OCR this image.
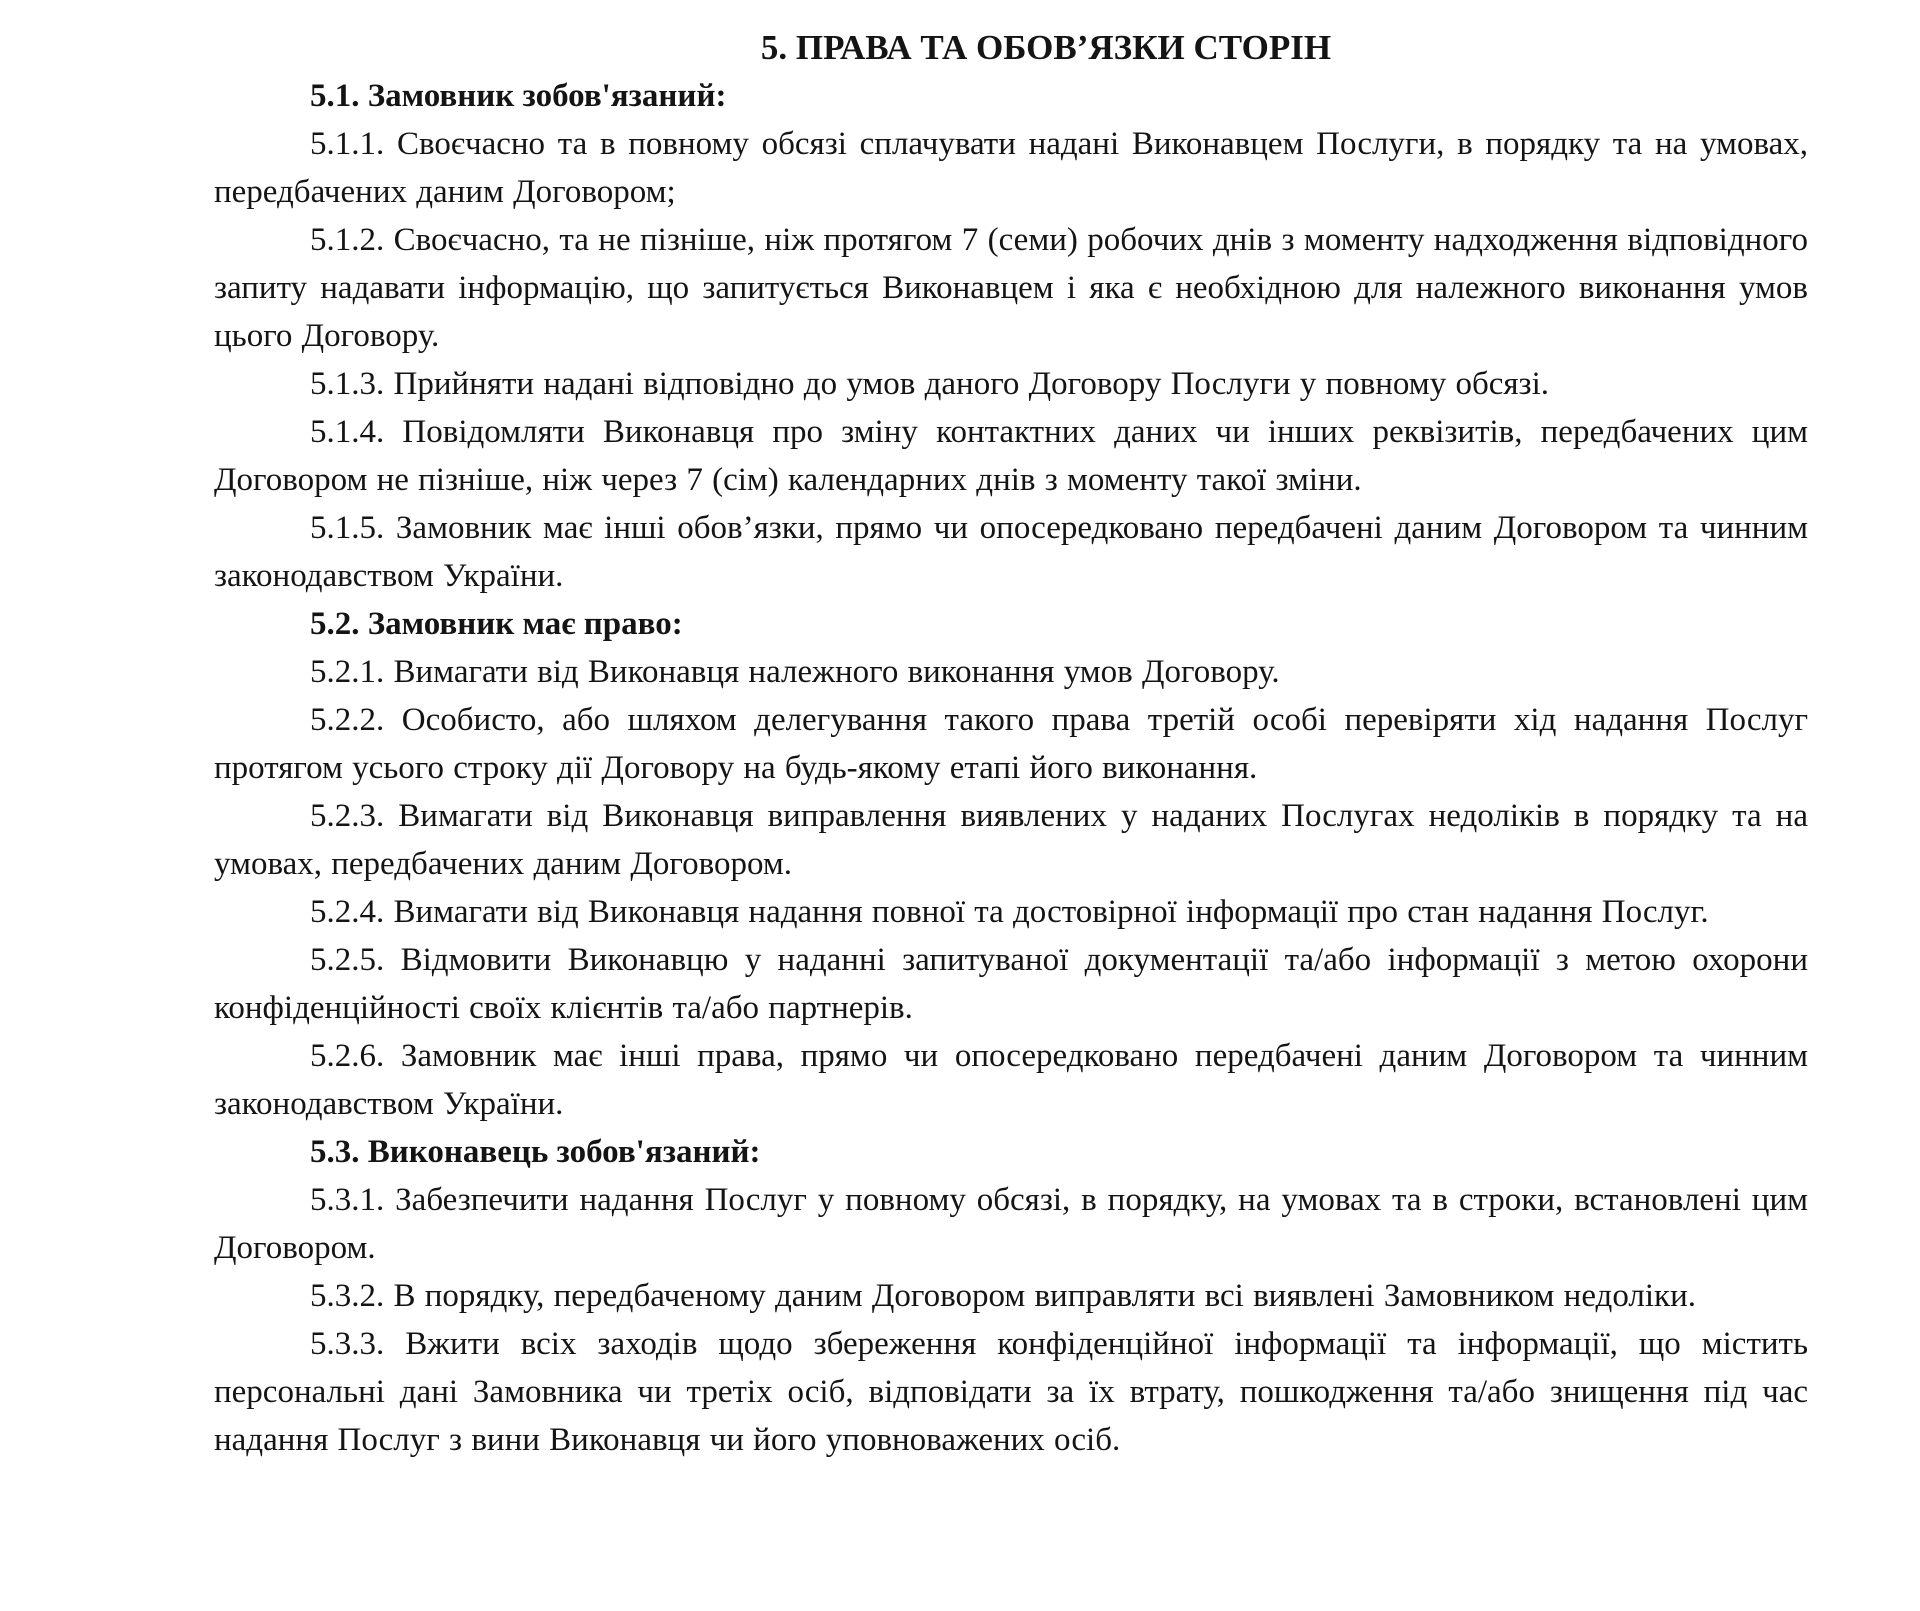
5. ПРАВА ТА ОБОВ’ЯЗКИ СТОРІН

5.1. Замовник зобов'язаний:

5.1.1. Своєчасно та в повному обсязі сплачувати надані Виконавцем Послуги, в порядку та на умовах, передбачених даним Договором;

5.1.2. Своєчасно, та не пізніше, ніж протягом 7 (семи) робочих днів з моменту надходження відповідного запиту надавати інформацію, що запитується Виконавцем і яка є необхідною для належного виконання умов цього Договору.

5.1.3. Прийняти надані відповідно до умов даного Договору Послуги у повному обсязі.

5.1.4. Повідомляти Виконавця про зміну контактних даних чи інших реквізитів, передбачених цим Договором не пізніше, ніж через 7 (сім) календарних днів з моменту такої зміни.

5.1.5. Замовник має інші обов’язки, прямо чи опосередковано передбачені даним Договором та чинним законодавством України.

5.2. Замовник має право:

5.2.1. Вимагати від Виконавця належного виконання умов Договору.

5.2.2. Особисто, або шляхом делегування такого права третій особі перевіряти хід надання Послуг протягом усього строку дії Договору на будь-якому етапі його виконання.

5.2.3. Вимагати від Виконавця виправлення виявлених у наданих Послугах недоліків в порядку та на умовах, передбачених даним Договором.

5.2.4. Вимагати від Виконавця надання повної та достовірної інформації про стан надання Послуг.

5.2.5. Відмовити Виконавцю у наданні запитуваної документації та/або інформації з метою охорони конфіденційності своїх клієнтів та/або партнерів.

5.2.6. Замовник має інші права, прямо чи опосередковано передбачені даним Договором та чинним законодавством України.

5.3. Виконавець зобов'язаний:

5.3.1. Забезпечити надання Послуг у повному обсязі, в порядку, на умовах та в строки, встановлені цим Договором.

5.3.2. В порядку, передбаченому даним Договором виправляти всі виявлені Замовником недоліки.

5.3.3. Вжити всіх заходів щодо збереження конфіденційної інформації та інформації, що містить персональні дані Замовника чи третіх осіб, відповідати за їх втрату, пошкодження та/або знищення під час надання Послуг з вини Виконавця чи його уповноважених осіб.
